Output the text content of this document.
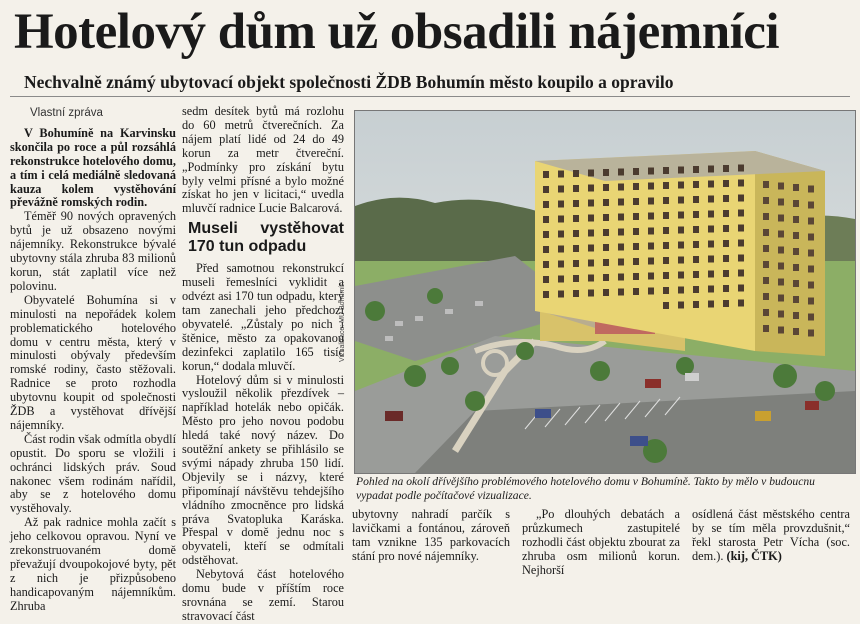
Hotelový dům už obsadili nájemníci
Nechvalně známý ubytovací objekt společnosti ŽDB Bohumín město koupilo a opravilo
Vlastní zpráva

V Bohumíně na Karvinsku skončila po roce a půl rozsáhlá rekonstrukce hotelového domu, a tím i celá mediálně sledovaná kauza kolem vystěhování převážně romských rodin.

Téměř 90 nových opravených bytů je už obsazeno novými nájemníky. Rekonstrukce bývalé ubytovny stála zhruba 83 milionů korun, stát zaplatil více než polovinu.

Obyvatelé Bohumína si v minulosti na nepořádek kolem problematického hotelového domu v centru města, který v minulosti obývaly především romské rodiny, často stěžovali. Radnice se proto rozhodla ubytovnu koupit od společnosti ŽDB a vystěhovat dřívější nájemníky.

Část rodin však odmítla obydlí opustit. Do sporu se vložili i ochránci lidských práv. Soud nakonec všem rodinám nařídil, aby se z hotelového domu vystěhovaly.

Až pak radnice mohla začít s jeho celkovou opravou. Nyní ve zrekonstruovaném domě převažují dvoupokojové byty, pět z nich je přizpůsobeno handicapovaným nájemníkům. Zhruba

sedm desítek bytů má rozlohu do 60 metrů čtverečních. Za nájem platí lidé od 24 do 49 korun za metr čtvereční. „Podmínky pro získání bytu byly velmi přísné a bylo možné získat ho jen v licitaci,“ uvedla mluvčí radnice Lucie Balcarová.

Museli vystěhovat 170 tun odpadu

Před samotnou rekonstrukcí museli řemeslníci vyklidit a odvézt asi 170 tun odpadu, který tam zanechali jeho předchozí obyvatelé. „Zůstaly po nich i štěnice, město za opakovanou dezinfekci zaplatilo 165 tisíc korun,“ dodala mluvčí.

Hotelový dům si v minulosti vysloužil několik přezdívek – například hotelák nebo opičák. Město pro jeho novou podobu hledá také nový název. Do soutěžní ankety se přihlásilo se svými nápady zhruba 150 lidí. Objevily se i názvy, které připomínají návštěvu tehdejšího vládního zmocněnce pro lidská práva Svatopluka Karáska. Přespal v domě jednu noc s obyvateli, kteří se odmítali odstěhovat.

Nebytová část hotelového domu bude v příštím roce srovnána se zemí. Starou stravovací část

Vizualizace: MÚ Bohumín
Pohled na okolí dřívějšího problémového hotelového domu v Bohumíně. Takto by mělo v budoucnu vypadat podle počítačové vizualizace.

ubytovny nahradí parčík s lavičkami a fontánou, zároveň tam vznikne 135 parkovacích stání pro nové nájemníky.

„Po dlouhých debatách a průzkumech zastupitelé rozhodli část objektu zbourat za zhruba osm milionů korun. Nejhorší

osídlená část městského centra by se tím měla provzdušnit,“ řekl starosta Petr Vícha (soc. dem.). (kij, ČTK)
